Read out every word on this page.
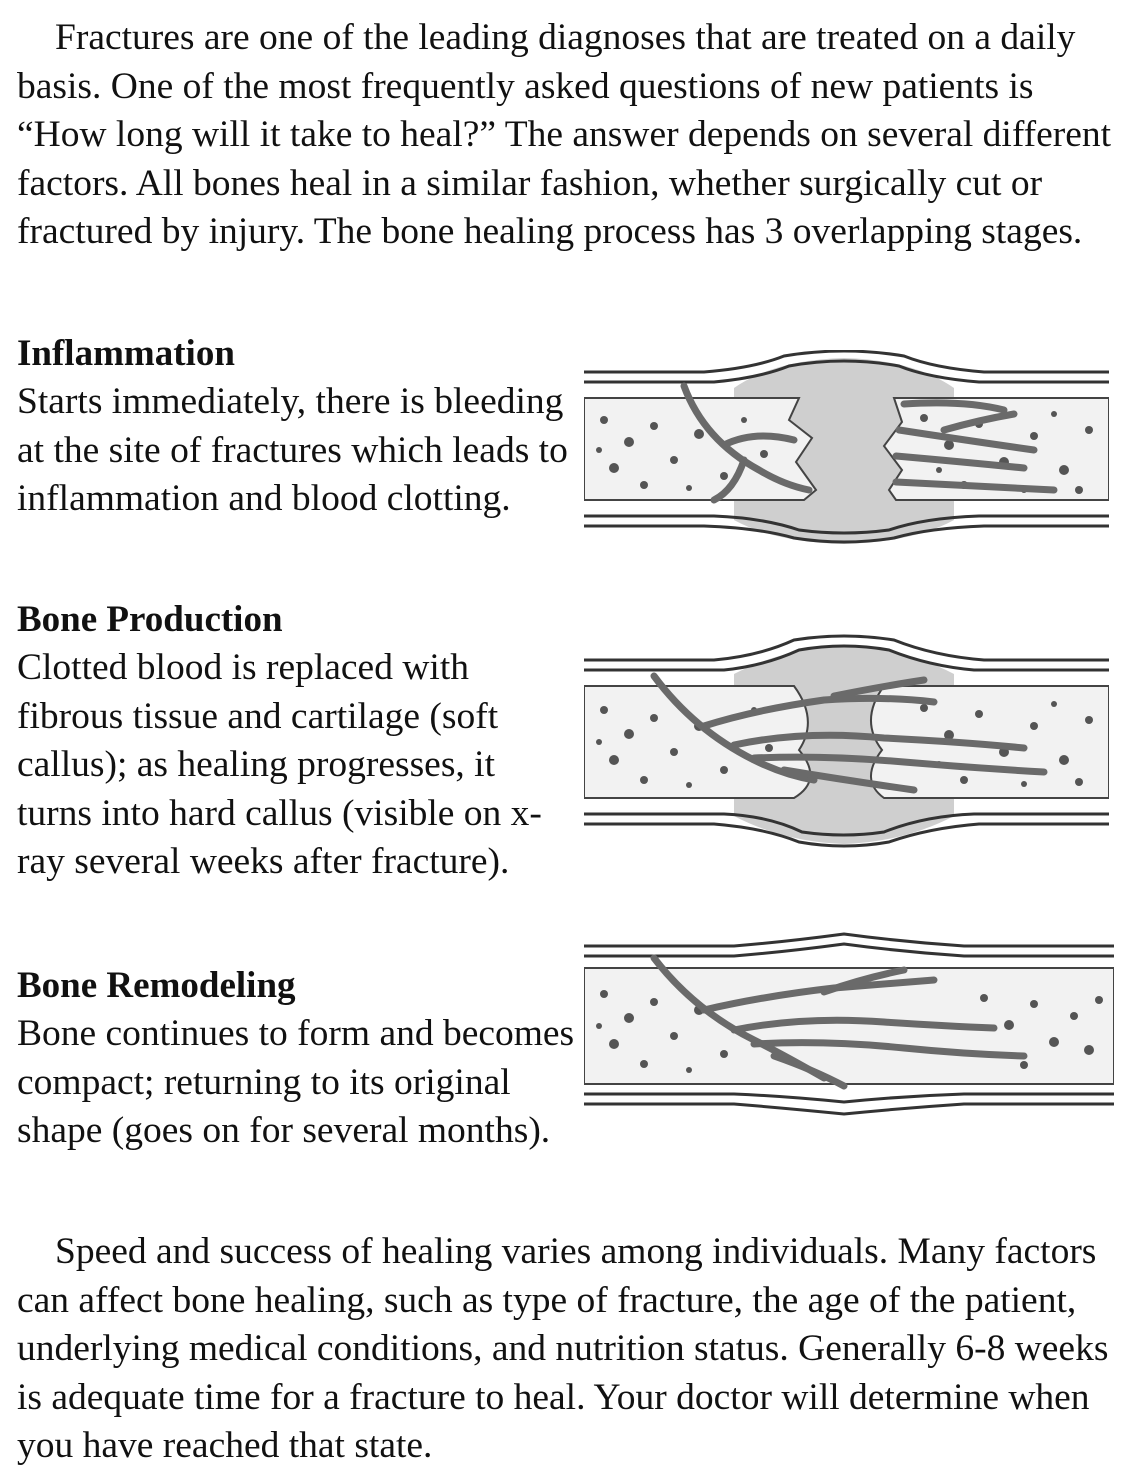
Fractures are one of the leading diagnoses that are treated on a daily basis. One of the most frequently asked questions of new patients is “How long will it take to heal?” The answer depends on several different factors. All bones heal in a similar fashion, whether surgically cut or fractured by injury. The bone healing process has 3 overlapping stages.

Inflammation

Starts immediately, there is bleeding at the site of fractures which leads to inflammation and blood clotting.

Bone Production

Clotted blood is replaced with fibrous tissue and cartilage (soft callus); as healing progresses, it turns into hard callus (visible on x-ray several weeks after fracture).

Bone Remodeling

Bone continues to form and becomes compact; returning to its original shape (goes on for several months).

Speed and success of healing varies among individuals. Many factors can affect bone healing, such as type of fracture, the age of the patient, underlying medical conditions, and nutrition status. Generally 6-8 weeks is adequate time for a fracture to heal. Your doctor will determine when you have reached that state.
